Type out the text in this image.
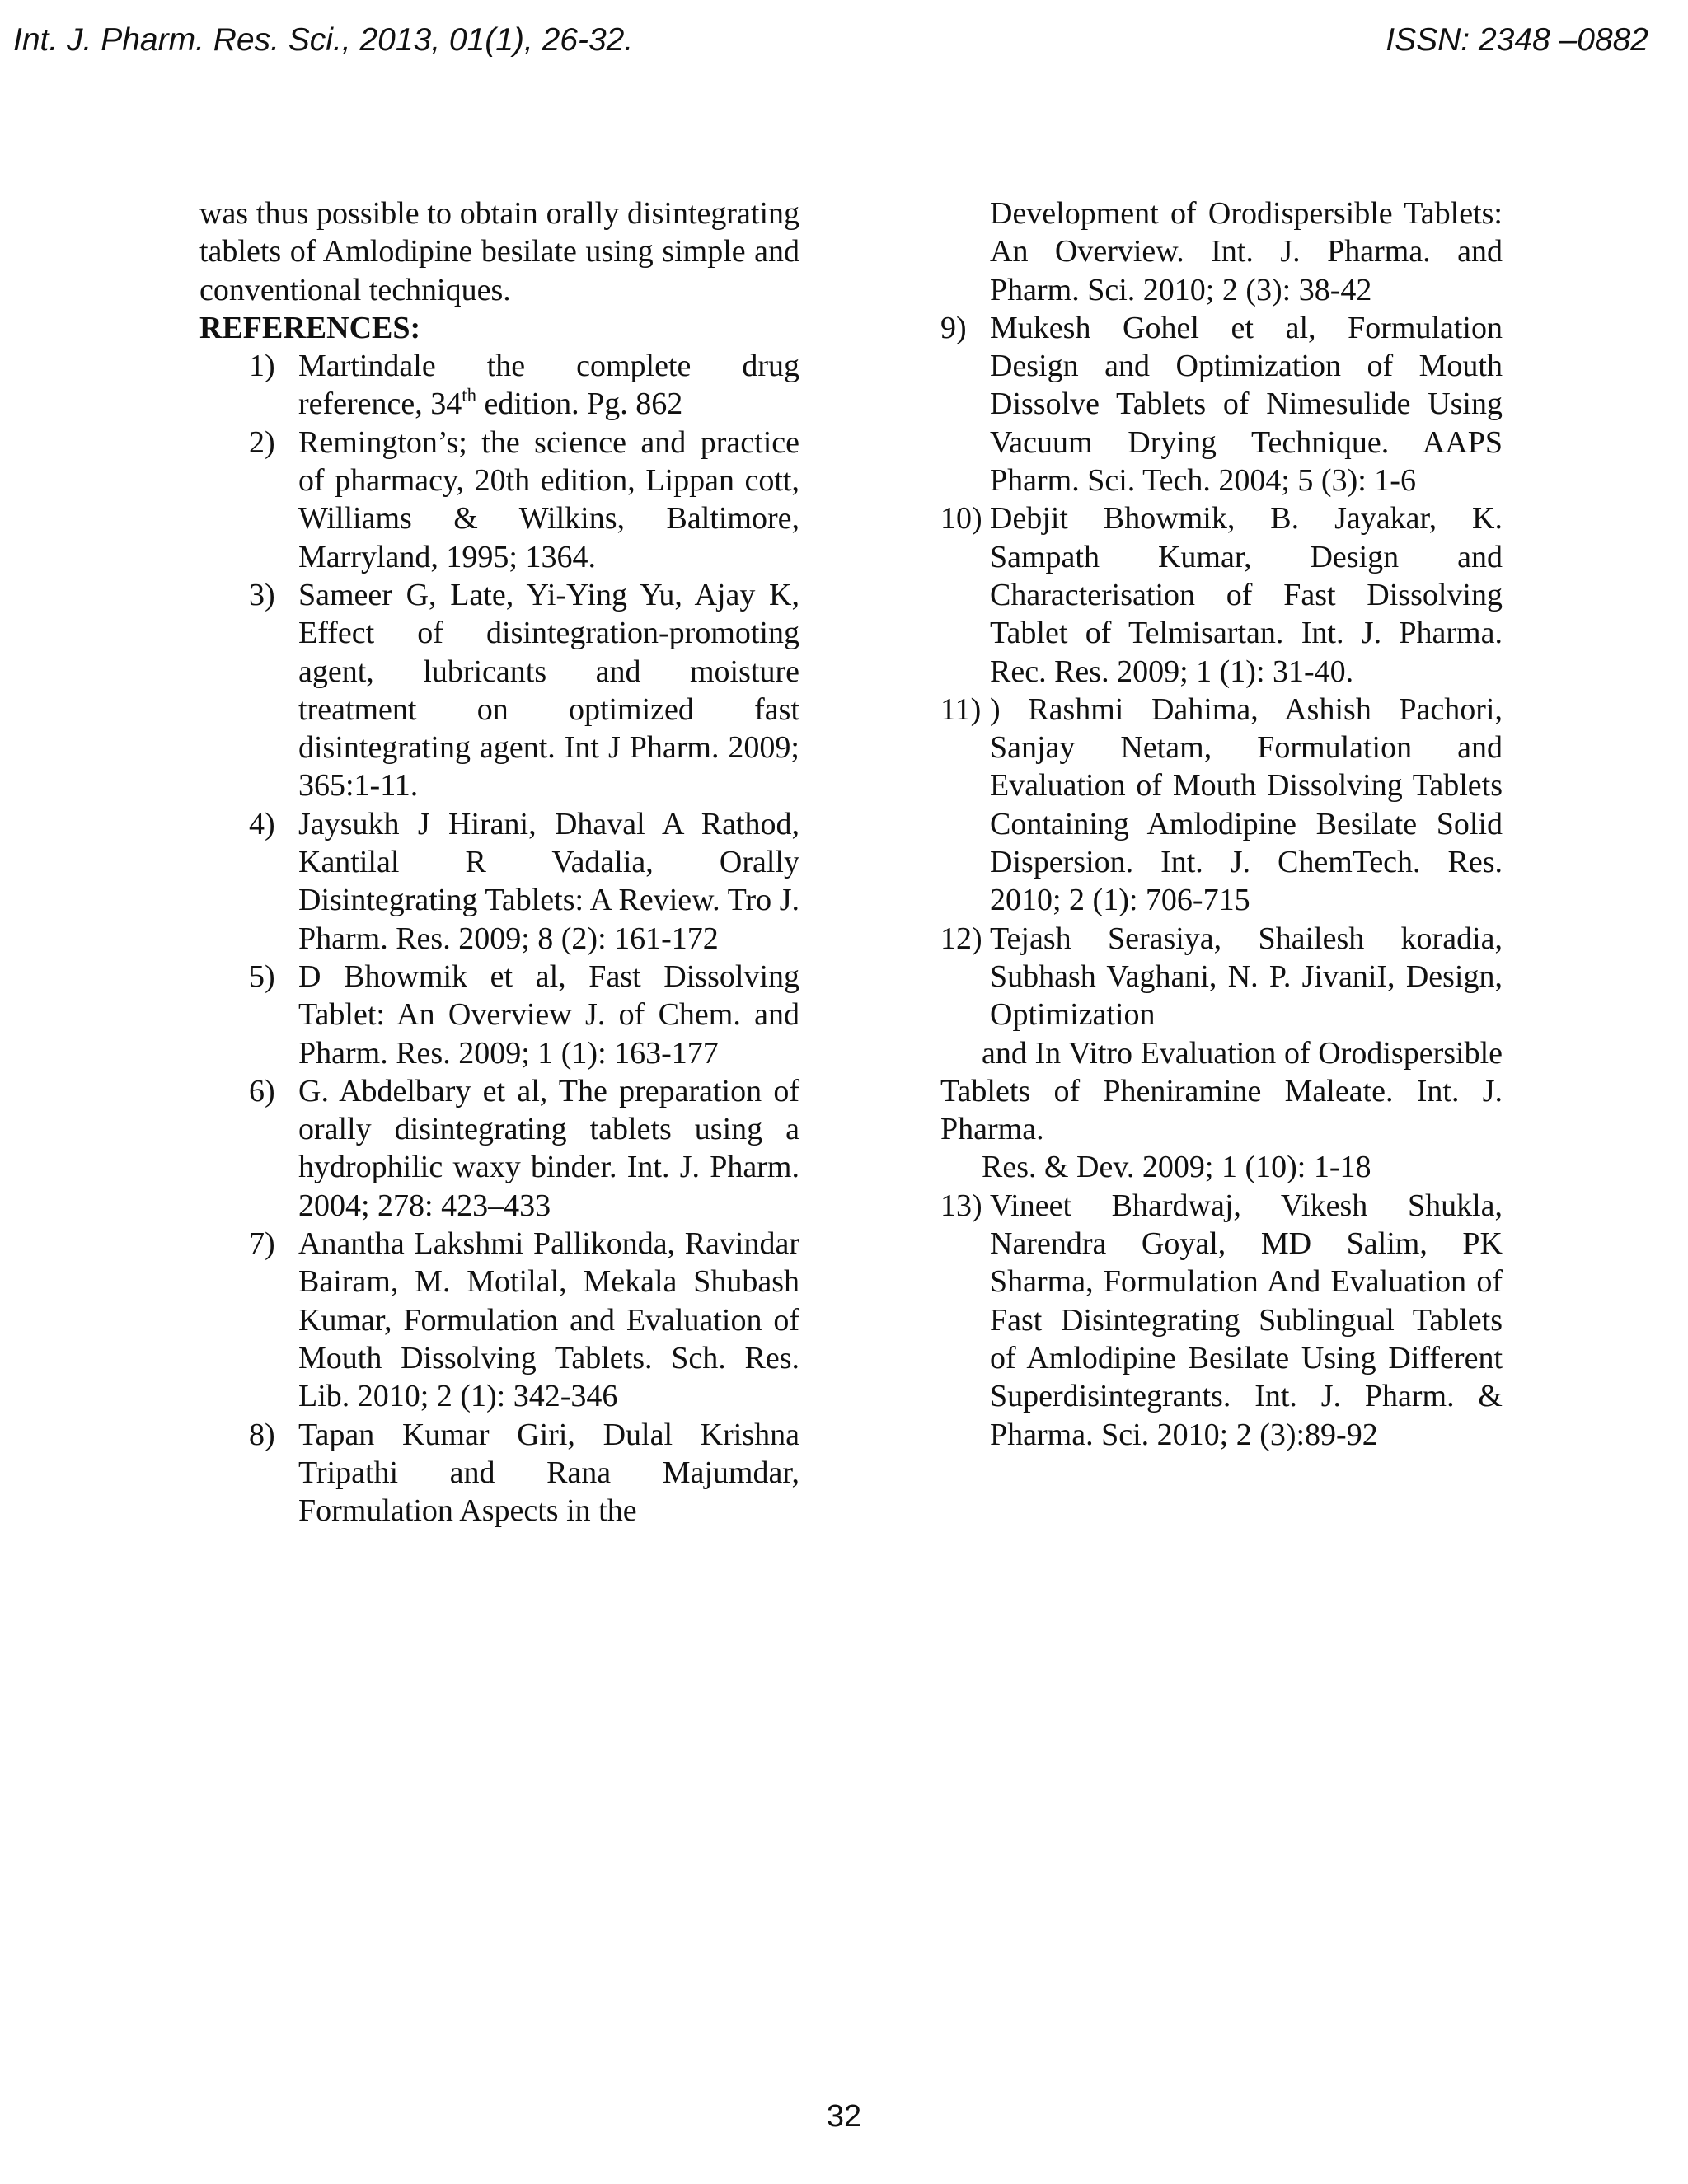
Int. J. Pharm. Res. Sci., 2013, 01(1), 26-32.	ISSN: 2348 –0882
was thus possible to obtain orally disintegrating tablets of Amlodipine besilate using simple and conventional techniques.
REFERENCES:
1) Martindale the complete drug reference, 34th edition. Pg. 862
2) Remington’s; the science and practice of pharmacy, 20th edition, Lippan cott, Williams & Wilkins, Baltimore, Marryland, 1995; 1364.
3) Sameer G, Late, Yi-Ying Yu, Ajay K, Effect of disintegration-promoting agent, lubricants and moisture treatment on optimized fast disintegrating agent. Int J Pharm. 2009; 365:1-11.
4) Jaysukh J Hirani, Dhaval A Rathod, Kantilal R Vadalia, Orally Disintegrating Tablets: A Review. Tro J. Pharm. Res. 2009; 8 (2): 161-172
5) D Bhowmik et al, Fast Dissolving Tablet: An Overview J. of Chem. and Pharm. Res. 2009; 1 (1): 163-177
6) G. Abdelbary et al, The preparation of orally disintegrating tablets using a hydrophilic waxy binder. Int. J. Pharm. 2004; 278: 423–433
7) Anantha Lakshmi Pallikonda, Ravindar Bairam, M. Motilal, Mekala Shubash Kumar, Formulation and Evaluation of Mouth Dissolving Tablets. Sch. Res. Lib. 2010; 2 (1): 342-346
8) Tapan Kumar Giri, Dulal Krishna Tripathi and Rana Majumdar, Formulation Aspects in the
Development of Orodispersible Tablets: An Overview. Int. J. Pharma. and Pharm. Sci. 2010; 2 (3): 38-42
9) Mukesh Gohel et al, Formulation Design and Optimization of Mouth Dissolve Tablets of Nimesulide Using Vacuum Drying Technique. AAPS Pharm. Sci. Tech. 2004; 5 (3): 1-6
10) Debjit Bhowmik, B. Jayakar, K. Sampath Kumar, Design and Characterisation of Fast Dissolving Tablet of Telmisartan. Int. J. Pharma. Rec. Res. 2009; 1 (1): 31-40.
11) ) Rashmi Dahima, Ashish Pachori, Sanjay Netam, Formulation and Evaluation of Mouth Dissolving Tablets Containing Amlodipine Besilate Solid Dispersion. Int. J. ChemTech. Res. 2010; 2 (1): 706-715
12) Tejash Serasiya, Shailesh koradia, Subhash Vaghani, N. P. JivaniI, Design, Optimization
and In Vitro Evaluation of Orodispersible Tablets of Pheniramine Maleate. Int. J. Pharma.
Res. & Dev. 2009; 1 (10): 1-18
13) Vineet Bhardwaj, Vikesh Shukla, Narendra Goyal, MD Salim, PK Sharma, Formulation And Evaluation of Fast Disintegrating Sublingual Tablets of Amlodipine Besilate Using Different Superdisintegrants. Int. J. Pharm. & Pharma. Sci. 2010; 2 (3):89-92
32
